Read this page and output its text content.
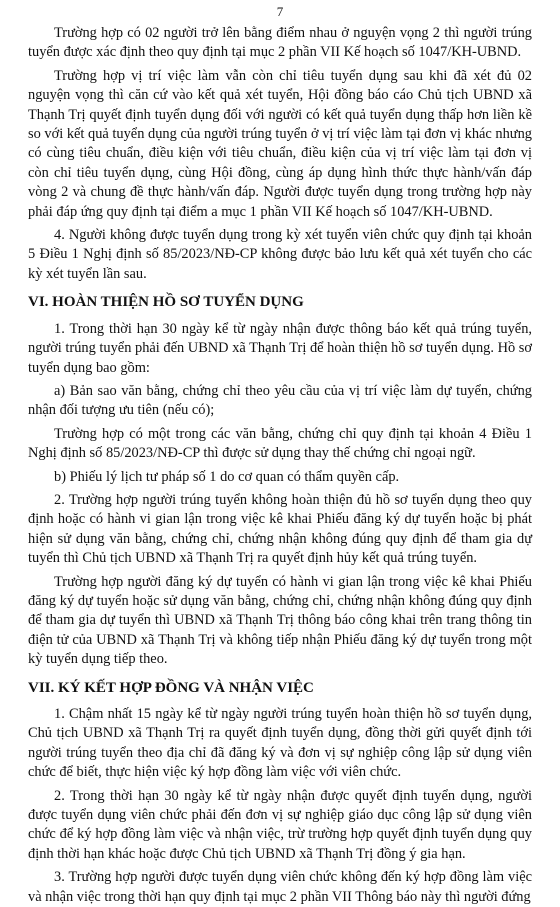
7

Trường hợp có 02 người trở lên bằng điểm nhau ở nguyện vọng 2 thì người trúng tuyển được xác định theo quy định tại mục 2 phần VII Kế hoạch số 1047/KH-UBND.

Trường hợp vị trí việc làm vẫn còn chỉ tiêu tuyển dụng sau khi đã xét đủ 02 nguyện vọng thì căn cứ vào kết quả xét tuyển, Hội đồng báo cáo Chủ tịch UBND xã Thạnh Trị quyết định tuyển dụng đối với người có kết quả tuyển dụng thấp hơn liền kề so với kết quả tuyển dụng của người trúng tuyển ở vị trí việc làm tại đơn vị khác nhưng có cùng tiêu chuẩn, điều kiện với tiêu chuẩn, điều kiện của vị trí việc làm tại đơn vị còn chỉ tiêu tuyển dụng, cùng Hội đồng, cùng áp dụng hình thức thực hành/vấn đáp vòng 2 và chung đề thực hành/vấn đáp. Người được tuyển dụng trong trường hợp này phải đáp ứng quy định tại điểm a mục 1 phần VII Kế hoạch số 1047/KH-UBND.

4. Người không được tuyển dụng trong kỳ xét tuyển viên chức quy định tại khoản 5 Điều 1 Nghị định số 85/2023/NĐ-CP không được bảo lưu kết quả xét tuyển cho các kỳ xét tuyển lần sau.

VI. HOÀN THIỆN HỒ SƠ TUYỂN DỤNG

1. Trong thời hạn 30 ngày kể từ ngày nhận được thông báo kết quả trúng tuyển, người trúng tuyển phải đến UBND xã Thạnh Trị để hoàn thiện hồ sơ tuyển dụng. Hồ sơ tuyển dụng bao gồm:

a) Bản sao văn bằng, chứng chỉ theo yêu cầu của vị trí việc làm dự tuyển, chứng nhận đối tượng ưu tiên (nếu có);

Trường hợp có một trong các văn bằng, chứng chỉ quy định tại khoản 4 Điều 1 Nghị định số 85/2023/NĐ-CP thì được sử dụng thay thế chứng chỉ ngoại ngữ.

b) Phiếu lý lịch tư pháp số 1 do cơ quan có thẩm quyền cấp.

2. Trường hợp người trúng tuyển không hoàn thiện đủ hồ sơ tuyển dụng theo quy định hoặc có hành vi gian lận trong việc kê khai Phiếu đăng ký dự tuyển hoặc bị phát hiện sử dụng văn bằng, chứng chỉ, chứng nhận không đúng quy định để tham gia dự tuyển thì Chủ tịch UBND xã Thạnh Trị ra quyết định hủy kết quả trúng tuyển.

Trường hợp người đăng ký dự tuyển có hành vi gian lận trong việc kê khai Phiếu đăng ký dự tuyển hoặc sử dụng văn bằng, chứng chỉ, chứng nhận không đúng quy định để tham gia dự tuyển thì UBND xã Thạnh Trị thông báo công khai trên trang thông tin điện tử của UBND xã Thạnh Trị và không tiếp nhận Phiếu đăng ký dự tuyển trong một kỳ tuyển dụng tiếp theo.

VII. KÝ KẾT HỢP ĐỒNG VÀ NHẬN VIỆC

1. Chậm nhất 15 ngày kể từ ngày người trúng tuyển hoàn thiện hồ sơ tuyển dụng, Chủ tịch UBND xã Thạnh Trị ra quyết định tuyển dụng, đồng thời gửi quyết định tới người trúng tuyển theo địa chỉ đã đăng ký và đơn vị sự nghiệp công lập sử dụng viên chức để biết, thực hiện việc ký hợp đồng làm việc với viên chức.

2. Trong thời hạn 30 ngày kể từ ngày nhận được quyết định tuyển dụng, người được tuyển dụng viên chức phải đến đơn vị sự nghiệp giáo dục công lập sử dụng viên chức để ký hợp đồng làm việc và nhận việc, trừ trường hợp quyết định tuyển dụng quy định thời hạn khác hoặc được Chủ tịch UBND xã Thạnh Trị đồng ý gia hạn.

3. Trường hợp người được tuyển dụng viên chức không đến ký hợp đồng làm việc và nhận việc trong thời hạn quy định tại mục 2 phần VII Thông báo này thì người đứng
